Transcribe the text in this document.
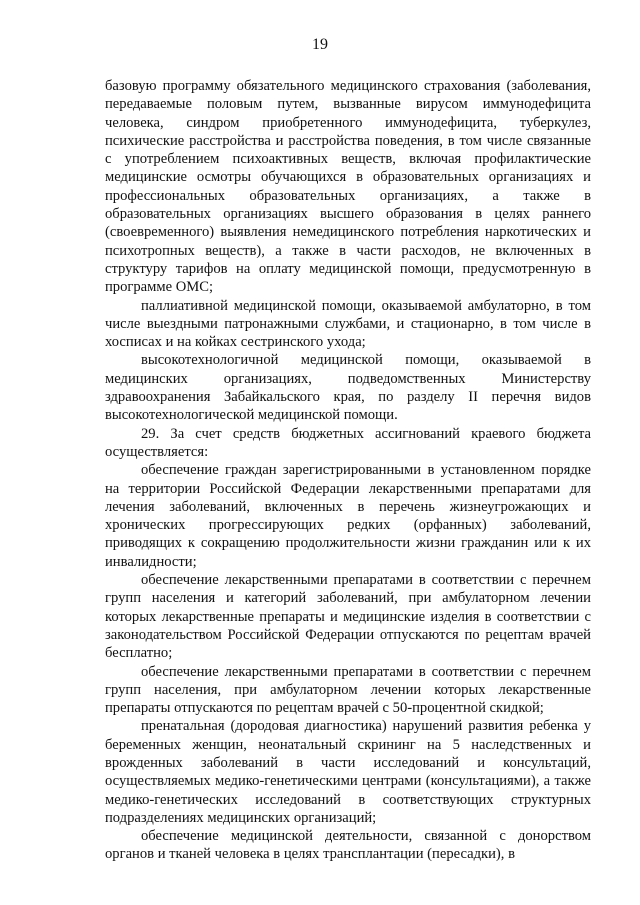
19

базовую программу обязательного медицинского страхования (заболевания, передаваемые половым путем, вызванные вирусом иммунодефицита человека, синдром приобретенного иммунодефицита, туберкулез, психические расстройства и расстройства поведения, в том числе связанные с употреблением психоактивных веществ, включая профилактические медицинские осмотры обучающихся в образовательных организациях и профессиональных образовательных организациях, а также в образовательных организациях высшего образования в целях раннего (своевременного) выявления немедицинского потребления наркотических и психотропных веществ), а также в части расходов, не включенных в структуру тарифов на оплату медицинской помощи, предусмотренную в программе ОМС;

паллиативной медицинской помощи, оказываемой амбулаторно, в том числе выездными патронажными службами, и стационарно, в том числе в хосписах и на койках сестринского ухода;

высокотехнологичной медицинской помощи, оказываемой в медицинских организациях, подведомственных Министерству здравоохранения Забайкальского края, по разделу II перечня видов высокотехнологической медицинской помощи.

29. За счет средств бюджетных ассигнований краевого бюджета осуществляется:

обеспечение граждан зарегистрированными в установленном порядке на территории Российской Федерации лекарственными препаратами для лечения заболеваний, включенных в перечень жизнеугрожающих и хронических прогрессирующих редких (орфанных) заболеваний, приводящих к сокращению продолжительности жизни гражданин или к их инвалидности;

обеспечение лекарственными препаратами в соответствии с перечнем групп населения и категорий заболеваний, при амбулаторном лечении которых лекарственные препараты и медицинские изделия в соответствии с законодательством Российской Федерации отпускаются по рецептам врачей бесплатно;

обеспечение лекарственными препаратами в соответствии с перечнем групп населения, при амбулаторном лечении которых лекарственные препараты отпускаются по рецептам врачей с 50-процентной скидкой;

пренатальная (дородовая диагностика) нарушений развития ребенка у беременных женщин, неонатальный скрининг на 5 наследственных и врожденных заболеваний в части исследований и консультаций, осуществляемых медико-генетическими центрами (консультациями), а также медико-генетических исследований в соответствующих структурных подразделениях медицинских организаций;

обеспечение медицинской деятельности, связанной с донорством органов и тканей человека в целях трансплантации (пересадки), в
